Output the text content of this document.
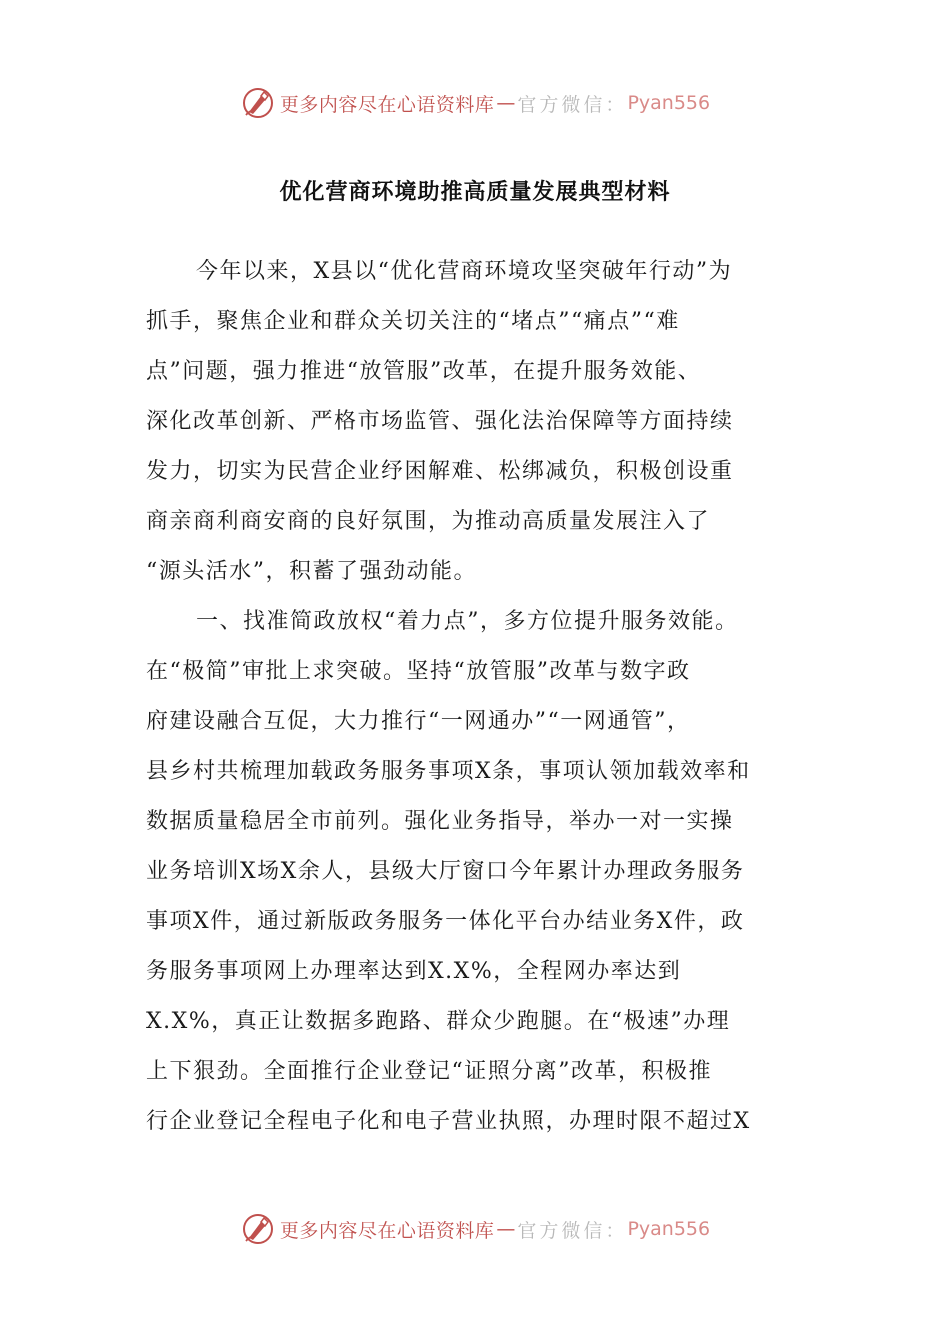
更多内容尽在心语资料库 — 官方微信： Pyan556
优化营商环境助推高质量发展典型材料
今年以来，X县以“优化营商环境攻坚突破年行动”为
抓手，聚焦企业和群众关切关注的“堵点”“痛点”“难
点”问题，强力推进“放管服”改革，在提升服务效能、
深化改革创新、严格市场监管、强化法治保障等方面持续
发力，切实为民营企业纾困解难、松绑减负，积极创设重
商亲商利商安商的良好氛围，为推动高质量发展注入了
“源头活水”，积蓄了强劲动能。
一、找准简政放权“着力点”，多方位提升服务效能。
在“极简”审批上求突破。坚持“放管服”改革与数字政
府建设融合互促，大力推行“一网通办”“一网通管”，
县乡村共梳理加载政务服务事项X条，事项认领加载效率和
数据质量稳居全市前列。强化业务指导，举办一对一实操
业务培训X场X余人，县级大厅窗口今年累计办理政务服务
事项X件，通过新版政务服务一体化平台办结业务X件，政
务服务事项网上办理率达到X.X%，全程网办率达到
X.X%，真正让数据多跑路、群众少跑腿。在“极速”办理
上下狠劲。全面推行企业登记“证照分离”改革，积极推
行企业登记全程电子化和电子营业执照，办理时限不超过X
更多内容尽在心语资料库 — 官方微信： Pyan556
